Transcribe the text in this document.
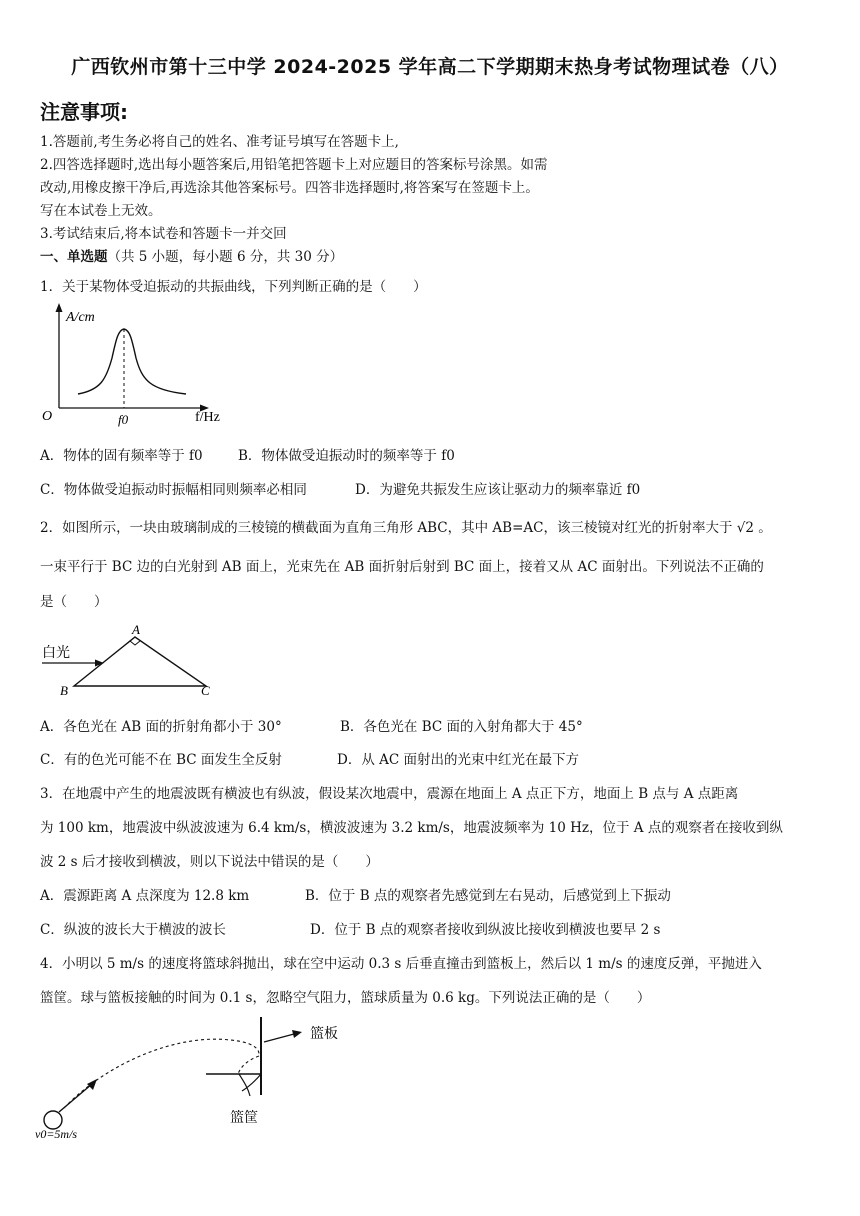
广西钦州市第十三中学 2024-2025 学年高二下学期期末热身考试物理试卷（八）
注意事项:
1.答题前,考生务必将自己的姓名、准考证号填写在答题卡上,
2.四答选择题时,选出每小题答案后,用铅笔把答题卡上对应题目的答案标号涂黑。如需
改动,用橡皮擦干净后,再选涂其他答案标号。四答非选择题时,将答案写在签题卡上。
写在本试卷上无效。
3.考试结束后,将本试卷和答题卡一并交回
一、单选题（共 5 小题，每小题 6 分，共 30 分）
1．关于某物体受迫振动的共振曲线，下列判断正确的是（　　）
A/cm
O	f0	f/Hz
A．物体的固有频率等于 f0	B．物体做受迫振动时的频率等于 f0
C．物体做受迫振动时振幅相同则频率必相同	D．为避免共振发生应该让驱动力的频率靠近 f0
2．如图所示，一块由玻璃制成的三棱镜的横截面为直角三角形 ABC，其中 AB=AC，该三棱镜对红光的折射率大于 √2 。
一束平行于 BC 边的白光射到 AB 面上，光束先在 AB 面折射后射到 BC 面上，接着又从 AC 面射出。下列说法不正确的
是（　　）
白光
A
B	C
A．各色光在 AB 面的折射角都小于 30°	B．各色光在 BC 面的入射角都大于 45°
C．有的色光可能不在 BC 面发生全反射	D．从 AC 面射出的光束中红光在最下方
3．在地震中产生的地震波既有横波也有纵波，假设某次地震中，震源在地面上 A 点正下方，地面上 B 点与 A 点距离
为 100 km，地震波中纵波波速为 6.4 km/s，横波波速为 3.2 km/s，地震波频率为 10 Hz，位于 A 点的观察者在接收到纵
波 2 s 后才接收到横波，则以下说法中错误的是（　　）
A．震源距离 A 点深度为 12.8 km	B．位于 B 点的观察者先感觉到左右晃动，后感觉到上下振动
C．纵波的波长大于横波的波长	D．位于 B 点的观察者接收到纵波比接收到横波也要早 2 s
4．小明以 5 m/s 的速度将篮球斜抛出，球在空中运动 0.3 s 后垂直撞击到篮板上，然后以 1 m/s 的速度反弹，平抛进入
篮筐。球与篮板接触的时间为 0.1 s，忽略空气阻力，篮球质量为 0.6 kg。下列说法正确的是（　　）
篮板
篮筐
v0=5m/s
